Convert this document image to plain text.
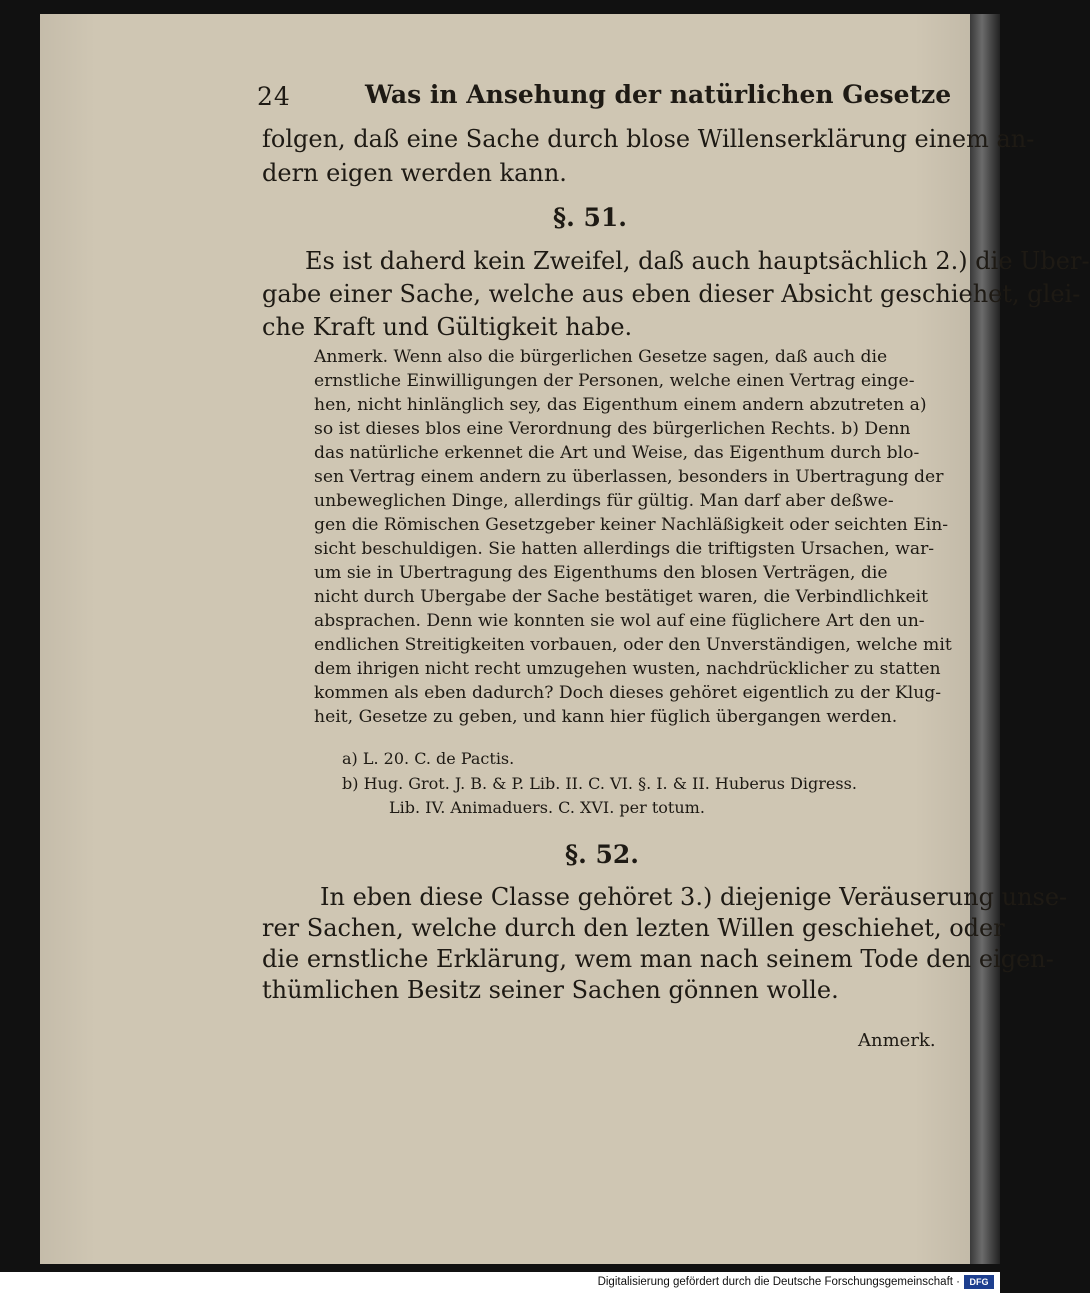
24	Was in Ansehung der natürlichen Gesetze
folgen, daß eine Sache durch blose Willenserklärung einem an-
dern eigen werden kann.
§. 51.
Es ist daherd kein Zweifel, daß auch hauptsächlich 2.) die Uber-
gabe einer Sache, welche aus eben dieser Absicht geschiehet, glei-
che Kraft und Gültigkeit habe.
Anmerk. Wenn also die bürgerlichen Gesetze sagen, daß auch die
ernstliche Einwilligungen der Personen, welche einen Vertrag einge-
hen, nicht hinlänglich sey, das Eigenthum einem andern abzutreten a)
so ist dieses blos eine Verordnung des bürgerlichen Rechts. b) Denn
das natürliche erkennet die Art und Weise, das Eigenthum durch blo-
sen Vertrag einem andern zu überlassen, besonders in Ubertragung der
unbeweglichen Dinge, allerdings für gültig. Man darf aber deßwe-
gen die Römischen Gesetzgeber keiner Nachläßigkeit oder seichten Ein-
sicht beschuldigen. Sie hatten allerdings die triftigsten Ursachen, war-
um sie in Ubertragung des Eigenthums den blosen Verträgen, die
nicht durch Ubergabe der Sache bestätiget waren, die Verbindlichkeit
absprachen. Denn wie konnten sie wol auf eine füglichere Art den un-
endlichen Streitigkeiten vorbauen, oder den Unverständigen, welche mit
dem ihrigen nicht recht umzugehen wusten, nachdrücklicher zu statten
kommen als eben dadurch? Doch dieses gehöret eigentlich zu der Klug-
heit, Gesetze zu geben, und kann hier füglich übergangen werden.
a) L. 20. C. de Pactis.
b) Hug. Grot. J. B. & P. Lib. II. C. VI. §. I. & II. Huberus Digress.
Lib. IV. Animaduers. C. XVI. per totum.
§. 52.
In eben diese Classe gehöret 3.) diejenige Veräuserung unse-
rer Sachen, welche durch den lezten Willen geschiehet, oder
die ernstliche Erklärung, wem man nach seinem Tode den eigen-
thümlichen Besitz seiner Sachen gönnen wolle.
Anmerk.
Digitalisierung gefördert durch die Deutsche Forschungsgemeinschaft ·	DFG
